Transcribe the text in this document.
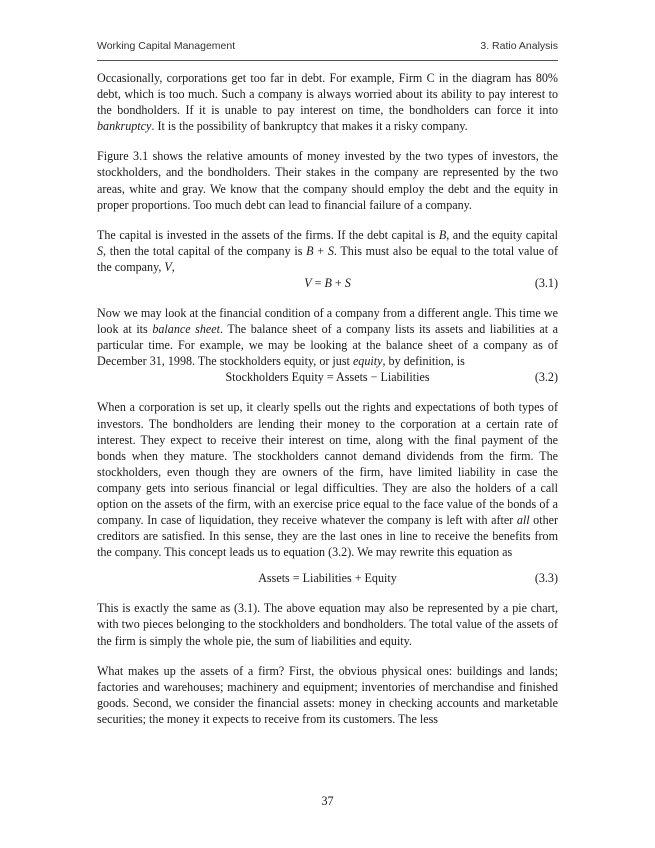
Working Capital Management	3. Ratio Analysis

Occasionally, corporations get too far in debt. For example, Firm C in the diagram has 80% debt, which is too much. Such a company is always worried about its ability to pay interest to the bondholders. If it is unable to pay interest on time, the bondholders can force it into bankruptcy. It is the possibility of bankruptcy that makes it a risky company.

Figure 3.1 shows the relative amounts of money invested by the two types of investors, the stockholders, and the bondholders. Their stakes in the company are represented by the two areas, white and gray. We know that the company should employ the debt and the equity in proper proportions. Too much debt can lead to financial failure of a company.

The capital is invested in the assets of the firms. If the debt capital is B, and the equity capital S, then the total capital of the company is B + S. This must also be equal to the total value of the company, V,

V = B + S	(3.1)

Now we may look at the financial condition of a company from a different angle. This time we look at its balance sheet. The balance sheet of a company lists its assets and liabilities at a particular time. For example, we may be looking at the balance sheet of a company as of December 31, 1998. The stockholders equity, or just equity, by definition, is

Stockholders Equity = Assets − Liabilities	(3.2)

When a corporation is set up, it clearly spells out the rights and expectations of both types of investors. The bondholders are lending their money to the corporation at a certain rate of interest. They expect to receive their interest on time, along with the final payment of the bonds when they mature. The stockholders cannot demand dividends from the firm. The stockholders, even though they are owners of the firm, have limited liability in case the company gets into serious financial or legal difficulties. They are also the holders of a call option on the assets of the firm, with an exercise price equal to the face value of the bonds of a company. In case of liquidation, they receive whatever the company is left with after all other creditors are satisfied. In this sense, they are the last ones in line to receive the benefits from the company. This concept leads us to equation (3.2). We may rewrite this equation as

Assets = Liabilities + Equity	(3.3)

This is exactly the same as (3.1). The above equation may also be represented by a pie chart, with two pieces belonging to the stockholders and bondholders. The total value of the assets of the firm is simply the whole pie, the sum of liabilities and equity.

What makes up the assets of a firm? First, the obvious physical ones: buildings and lands; factories and warehouses; machinery and equipment; inventories of merchandise and finished goods. Second, we consider the financial assets: money in checking accounts and marketable securities; the money it expects to receive from its customers. The less

37
